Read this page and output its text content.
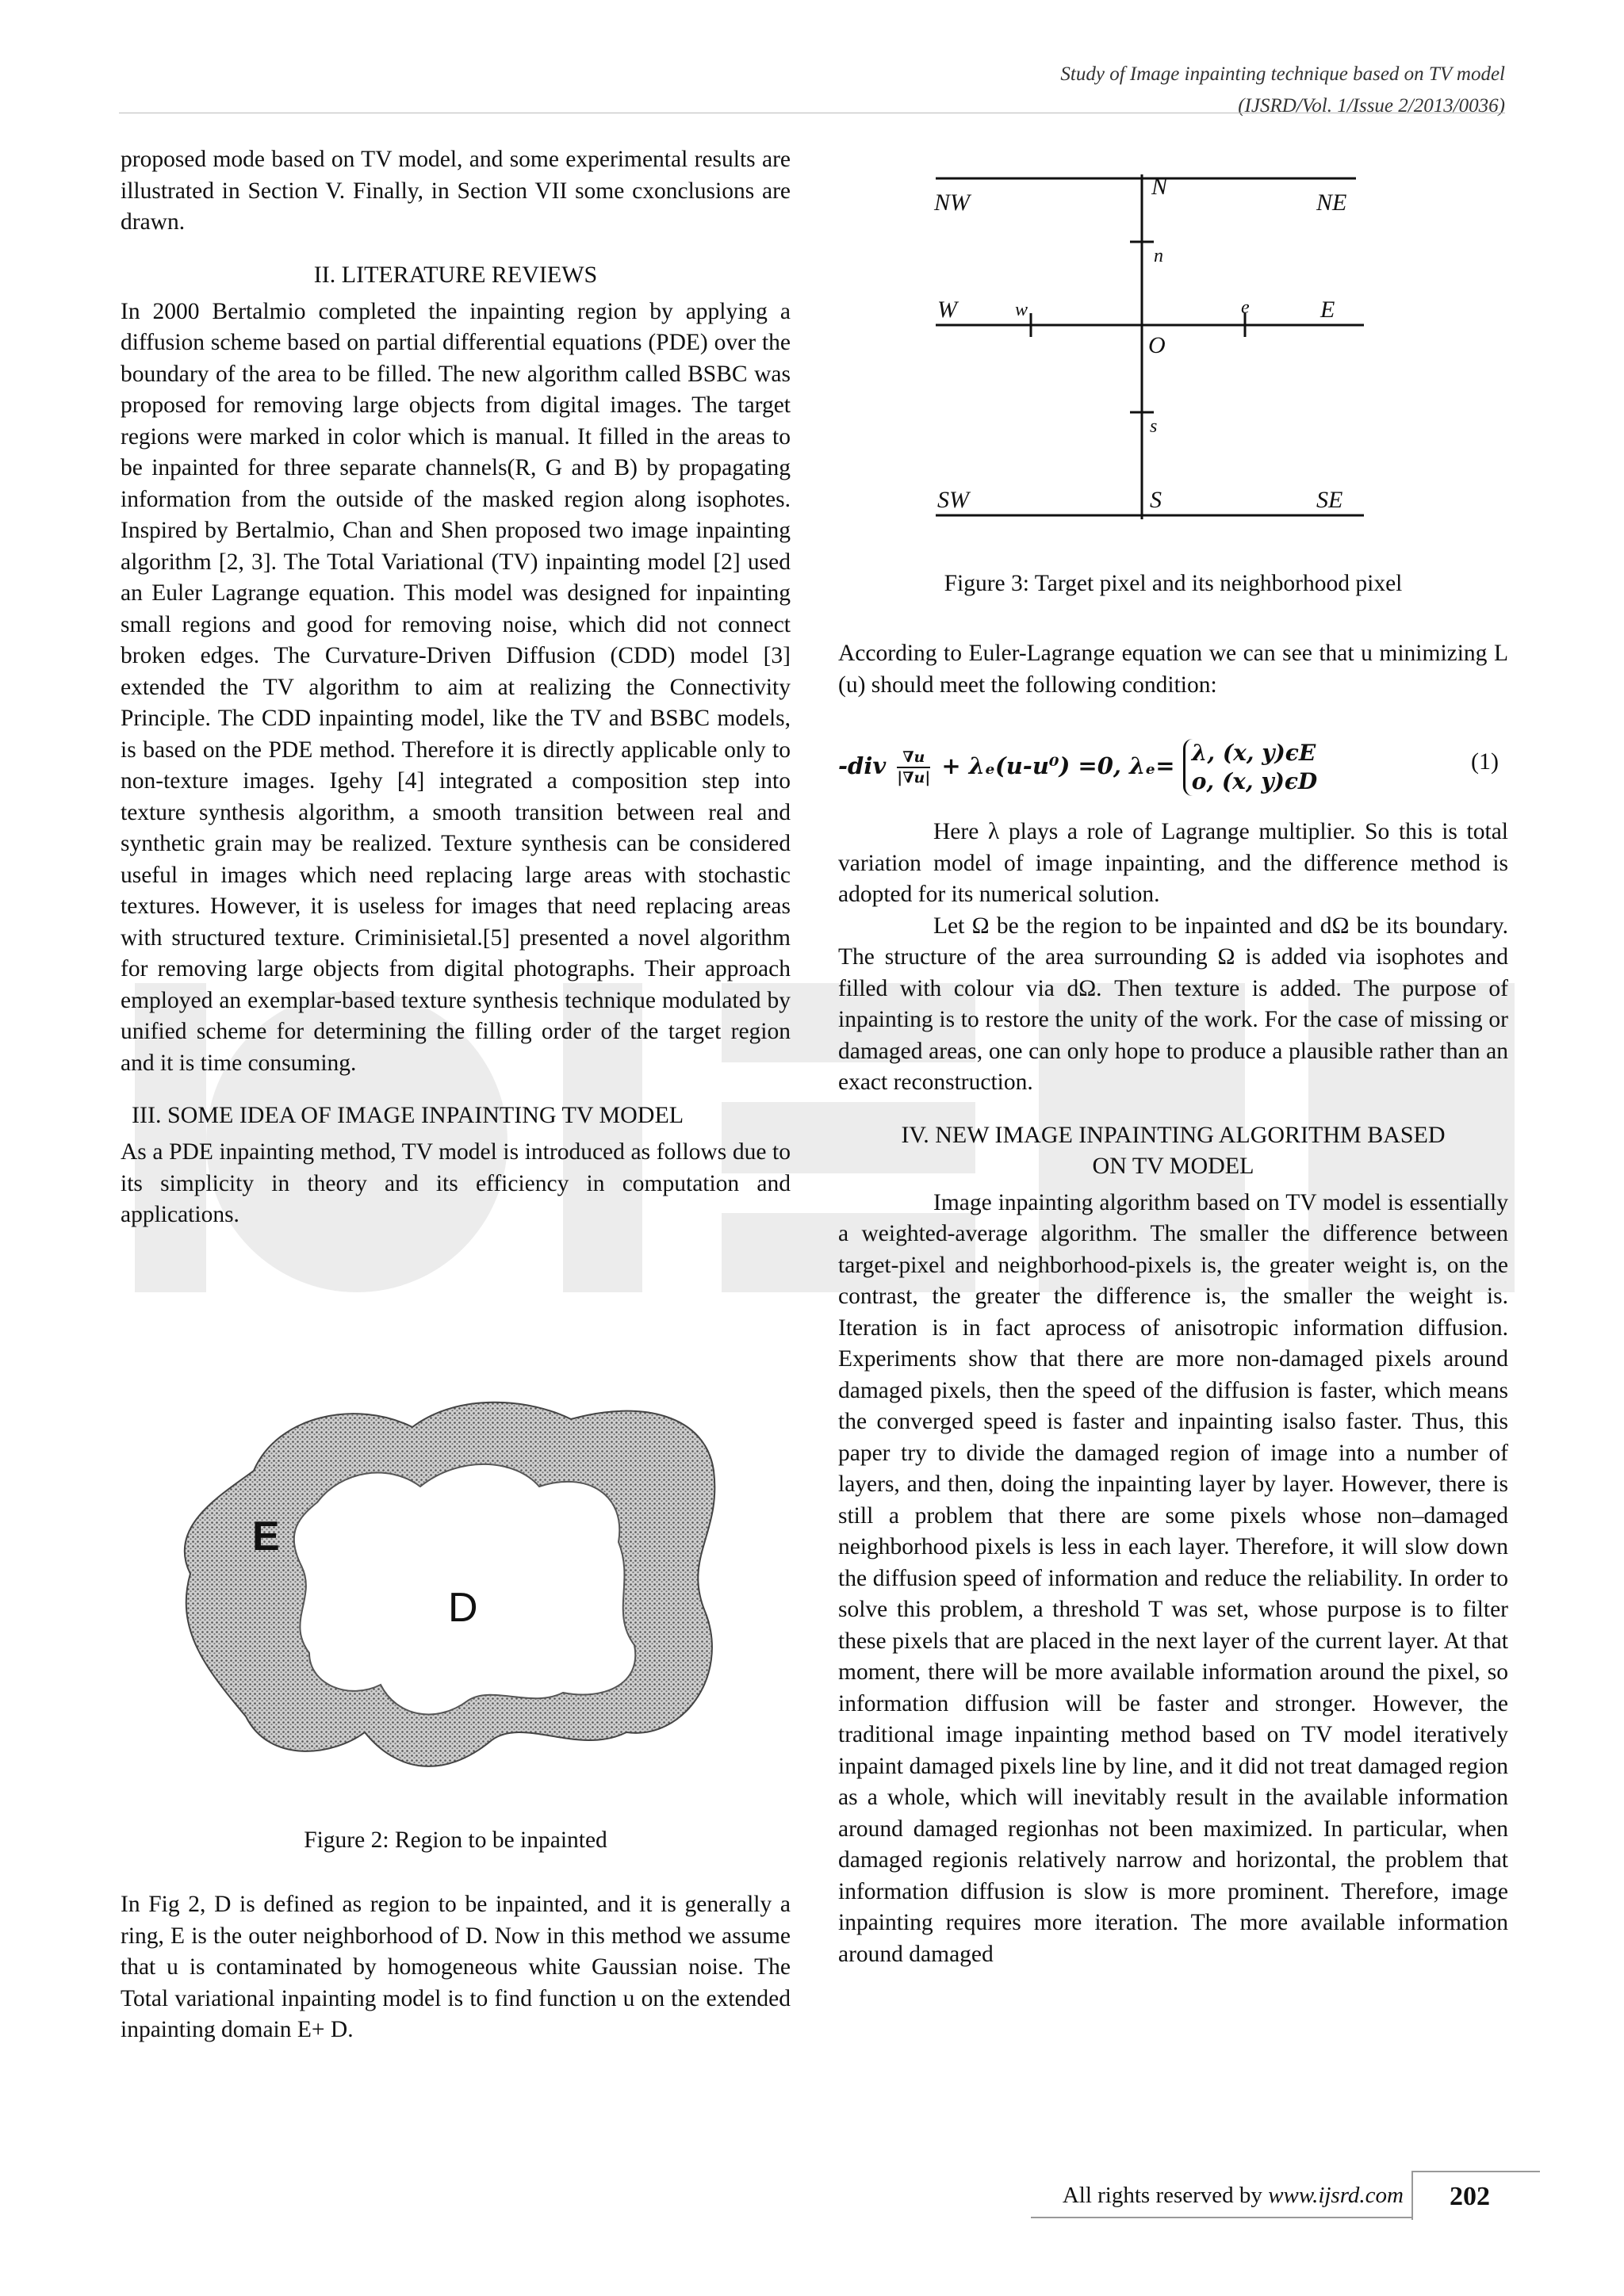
Study of Image inpainting technique based on TV model
(IJSRD/Vol. 1/Issue 2/2013/0036)

proposed mode based on TV model, and some experimental results are illustrated in Section V. Finally, in Section VII some cxonclusions are drawn.

II. LITERATURE REVIEWS

In 2000 Bertalmio completed the inpainting region by applying a diffusion scheme based on partial differential equations (PDE) over the boundary of the area to be filled. The new algorithm called BSBC was proposed for removing large objects from digital images. The target regions were marked in color which is manual. It filled in the areas to be inpainted for three separate channels(R, G and B) by propagating information from the outside of the masked region along isophotes. Inspired by Bertalmio, Chan and Shen proposed two image inpainting algorithm [2, 3]. The Total Variational (TV) inpainting model [2] used an Euler Lagrange equation. This model was designed for inpainting small regions and good for removing noise, which did not connect broken edges. The Curvature-Driven Diffusion (CDD) model [3] extended the TV algorithm to aim at realizing the Connectivity Principle. The CDD inpainting model, like the TV and BSBC models, is based on the PDE method. Therefore it is directly applicable only to non-texture images. Igehy [4] integrated a composition step into texture synthesis algorithm, a smooth transition between real and synthetic grain may be realized. Texture synthesis can be considered useful in images which need replacing large areas with stochastic textures. However, it is useless for images that need replacing areas with structured texture. Criminisietal.[5] presented a novel algorithm for removing large objects from digital photographs. Their approach employed an exemplar-based texture synthesis technique modulated by unified scheme for determining the filling order of the target region and it is time consuming.

III. SOME IDEA OF IMAGE INPAINTING TV MODEL

As a PDE inpainting method, TV model is introduced as follows due to its simplicity in theory and its efficiency in computation and applications.

E
D
Figure 2: Region to be inpainted
In Fig 2, D is defined as region to be inpainted, and it is generally a ring, E is the outer neighborhood of D. Now in this method we assume that u is contaminated by homogeneous white Gaussian noise. The Total variational inpainting model is to find function u on the extended inpainting domain E+ D.
NW
N
NE
n
W	w	e	E
O
s
SW	S	SE
Figure 3: Target pixel and its neighborhood pixel
According to Euler-Lagrange equation we can see that u minimizing L (u) should meet the following condition:
$-div \frac{\nabla u}{|\nabla u|} + \lambda_e(u-u^0) =0$, λₑ= λ, (x, y)ϵE
o, (x, y)ϵD
(1)

Here λ plays a role of Lagrange multiplier. So this is total variation model of image inpainting, and the difference method is adopted for its numerical solution.

Let Ω be the region to be inpainted and dΩ be its boundary. The structure of the area surrounding Ω is added via isophotes and filled with colour via dΩ. Then texture is added. The purpose of inpainting is to restore the unity of the work. For the case of missing or damaged areas, one can only hope to produce a plausible rather than an exact reconstruction.

IV. NEW IMAGE INPAINTING ALGORITHM BASED
ON TV MODEL

Image inpainting algorithm based on TV model is essentially a weighted-average algorithm. The smaller the difference between target-pixel and neighborhood-pixels is, the greater weight is, on the contrast, the greater the difference is, the smaller the weight is. Iteration is in fact aprocess of anisotropic information diffusion. Experiments show that there are more non-damaged pixels around damaged pixels, then the speed of the diffusion is faster, which means the converged speed is faster and inpainting isalso faster. Thus, this paper try to divide the damaged region of image into a number of layers, and then, doing the inpainting layer by layer. However, there is still a problem that there are some pixels whose non–damaged neighborhood pixels is less in each layer. Therefore, it will slow down the diffusion speed of information and reduce the reliability. In order to solve this problem, a threshold T was set, whose purpose is to filter these pixels that are placed in the next layer of the current layer. At that moment, there will be more available information around the pixel, so information diffusion will be faster and stronger. However, the traditional image inpainting method based on TV model iteratively inpaint damaged pixels line by line, and it did not treat damaged region as a whole, which will inevitably result in the available information around damaged regionhas not been maximized. In particular, when damaged regionis relatively narrow and horizontal, the problem that information diffusion is slow is more prominent. Therefore, image inpainting requires more iteration. The more available information around damaged

All rights reserved by www.ijsrd.com 202
